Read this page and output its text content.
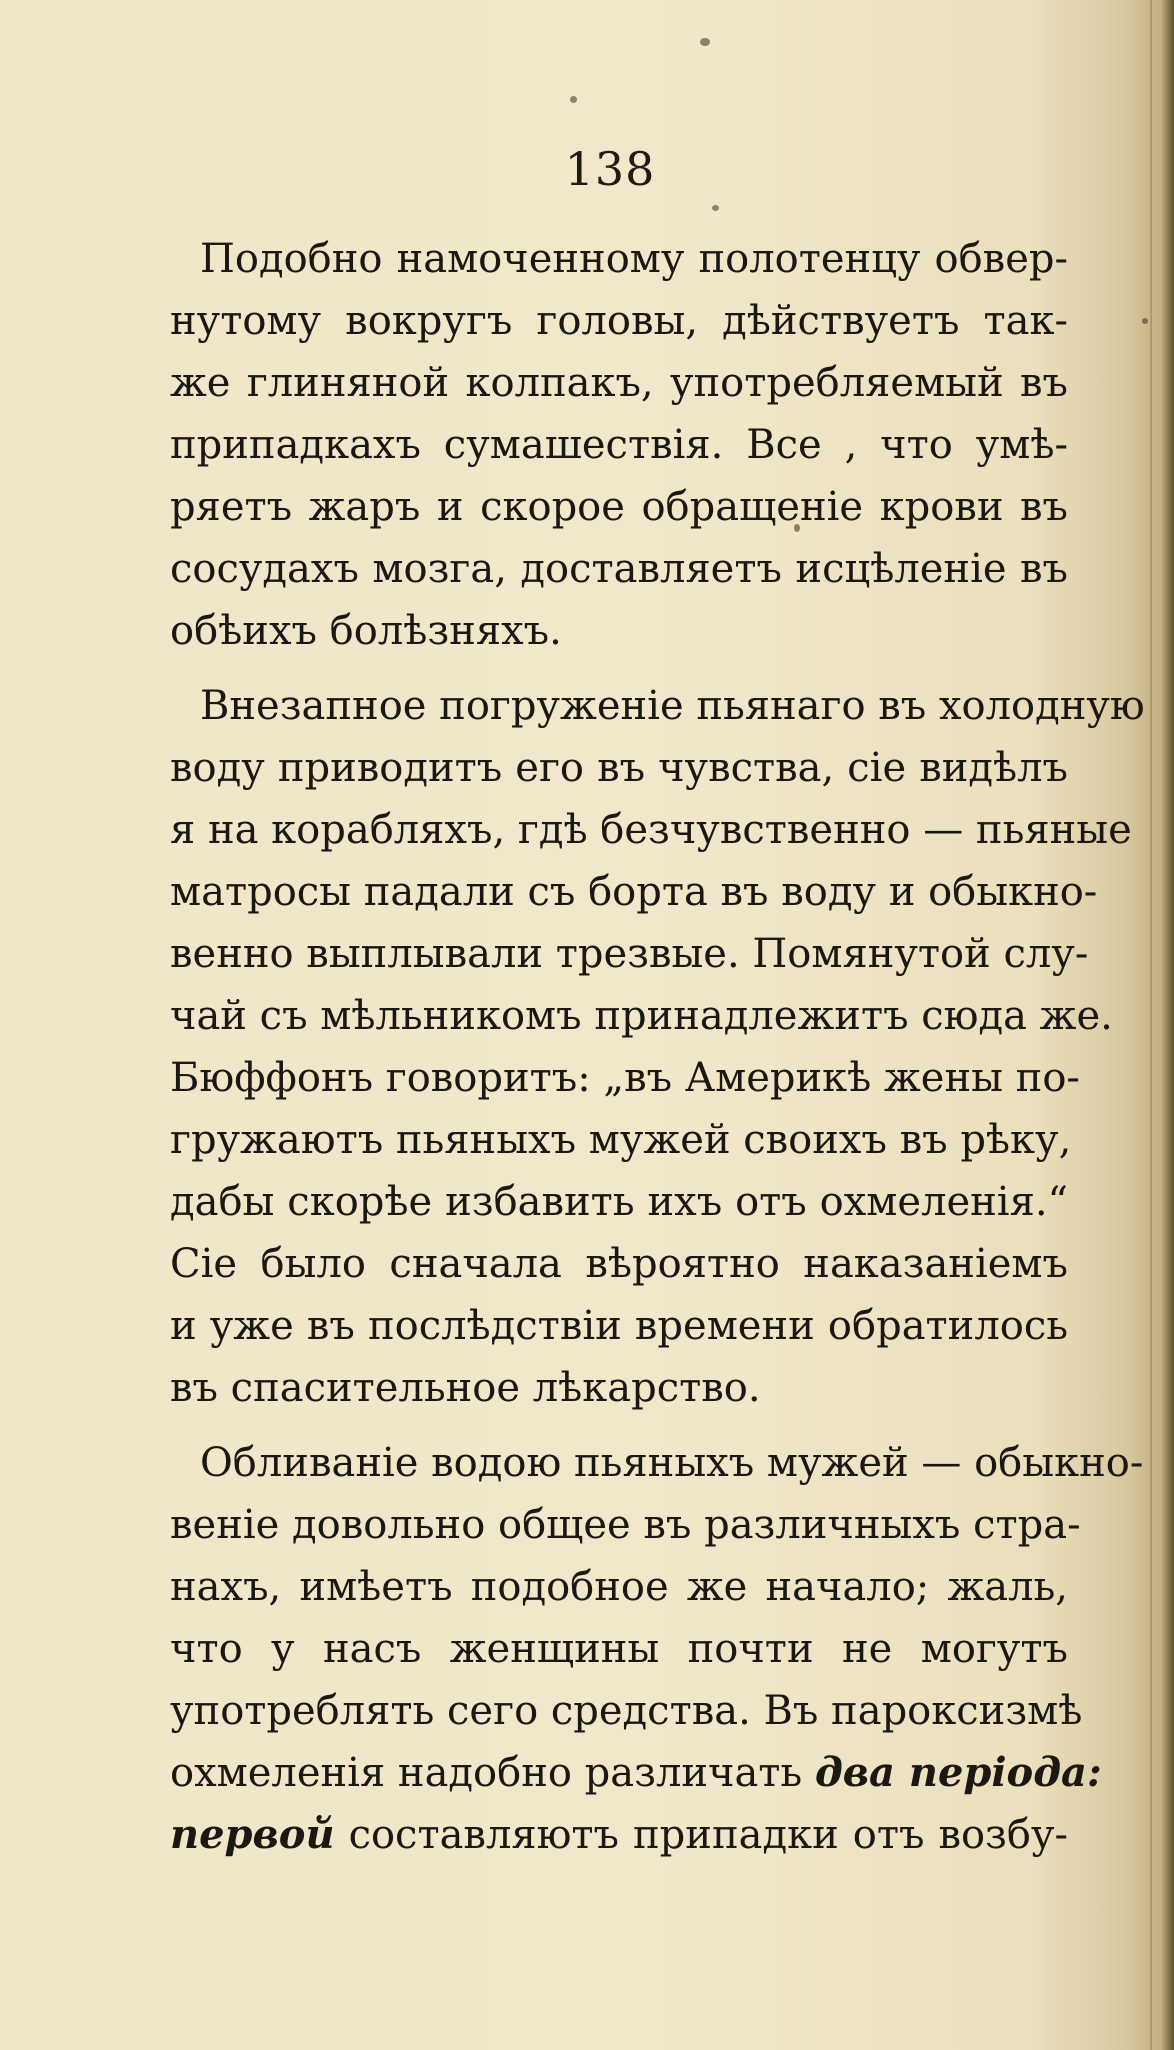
138
Подобно намоченному полотенцу обвер-
нутому вокругъ головы, дѣйствуетъ так-
же глиняной колпакъ, употребляемый въ
припадкахъ сумашествія. Все , что умѣ-
ряетъ жаръ и скорое обращеніе крови въ
сосудахъ мозга, доставляетъ исцѣленіе въ
обѣихъ болѣзняхъ.
Внезапное погруженіе пьянаго въ холодную
воду приводитъ его въ чувства, сіе видѣлъ
я на корабляхъ, гдѣ безчувственно — пьяные
матросы падали съ борта въ воду и обыкно-
венно выплывали трезвые. Помянутой слу-
чай съ мѣльникомъ принадлежитъ сюда же.
Бюффонъ говоритъ: „въ Америкѣ жены по-
гружаютъ пьяныхъ мужей своихъ въ рѣку,
дабы скорѣе избавить ихъ отъ охмеленія.“
Сіе было сначала вѣроятно наказаніемъ
и уже въ послѣдствіи времени обратилось
въ спасительное лѣкарство.
Обливаніе водою пьяныхъ мужей — обыкно-
веніе довольно общее въ различныхъ стра-
нахъ, имѣетъ подобное же начало; жаль,
что у насъ женщины почти не могутъ
употреблять сего средства. Въ пароксизмѣ
охмеленія надобно различать два періода:
первой составляютъ припадки отъ возбу-
